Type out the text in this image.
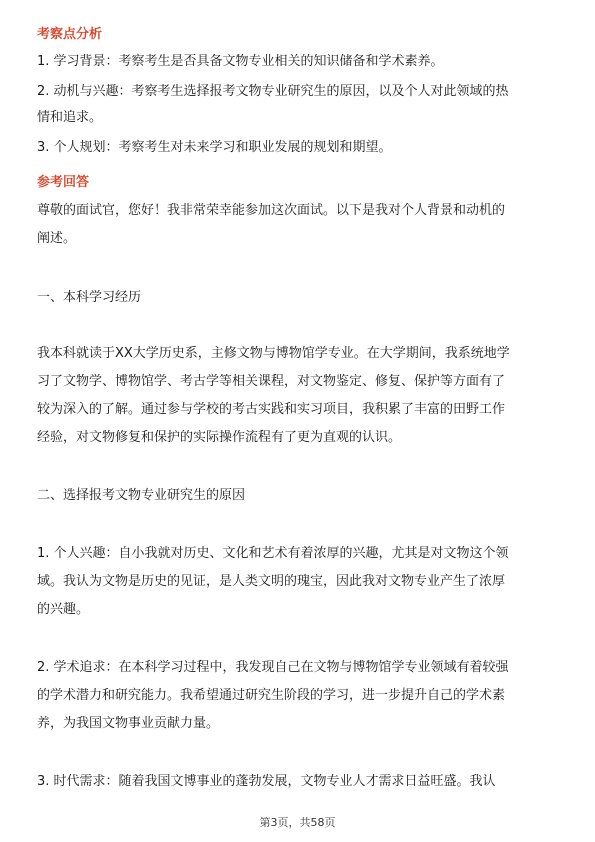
考察点分析
1. 学习背景：考察考生是否具备文物专业相关的知识储备和学术素养。
2. 动机与兴趣：考察考生选择报考文物专业研究生的原因，以及个人对此领域的热
情和追求。
3. 个人规划：考察考生对未来学习和职业发展的规划和期望。
参考回答
尊敬的面试官，您好！我非常荣幸能参加这次面试。以下是我对个人背景和动机的
阐述。
一、本科学习经历
我本科就读于XX大学历史系，主修文物与博物馆学专业。在大学期间，我系统地学
习了文物学、博物馆学、考古学等相关课程，对文物鉴定、修复、保护等方面有了
较为深入的了解。通过参与学校的考古实践和实习项目，我积累了丰富的田野工作
经验，对文物修复和保护的实际操作流程有了更为直观的认识。
二、选择报考文物专业研究生的原因
1. 个人兴趣：自小我就对历史、文化和艺术有着浓厚的兴趣，尤其是对文物这个领
域。我认为文物是历史的见证，是人类文明的瑰宝，因此我对文物专业产生了浓厚
的兴趣。
2. 学术追求：在本科学习过程中，我发现自己在文物与博物馆学专业领域有着较强
的学术潜力和研究能力。我希望通过研究生阶段的学习，进一步提升自己的学术素
养，为我国文物事业贡献力量。
3. 时代需求：随着我国文博事业的蓬勃发展，文物专业人才需求日益旺盛。我认
第3页，共58页
